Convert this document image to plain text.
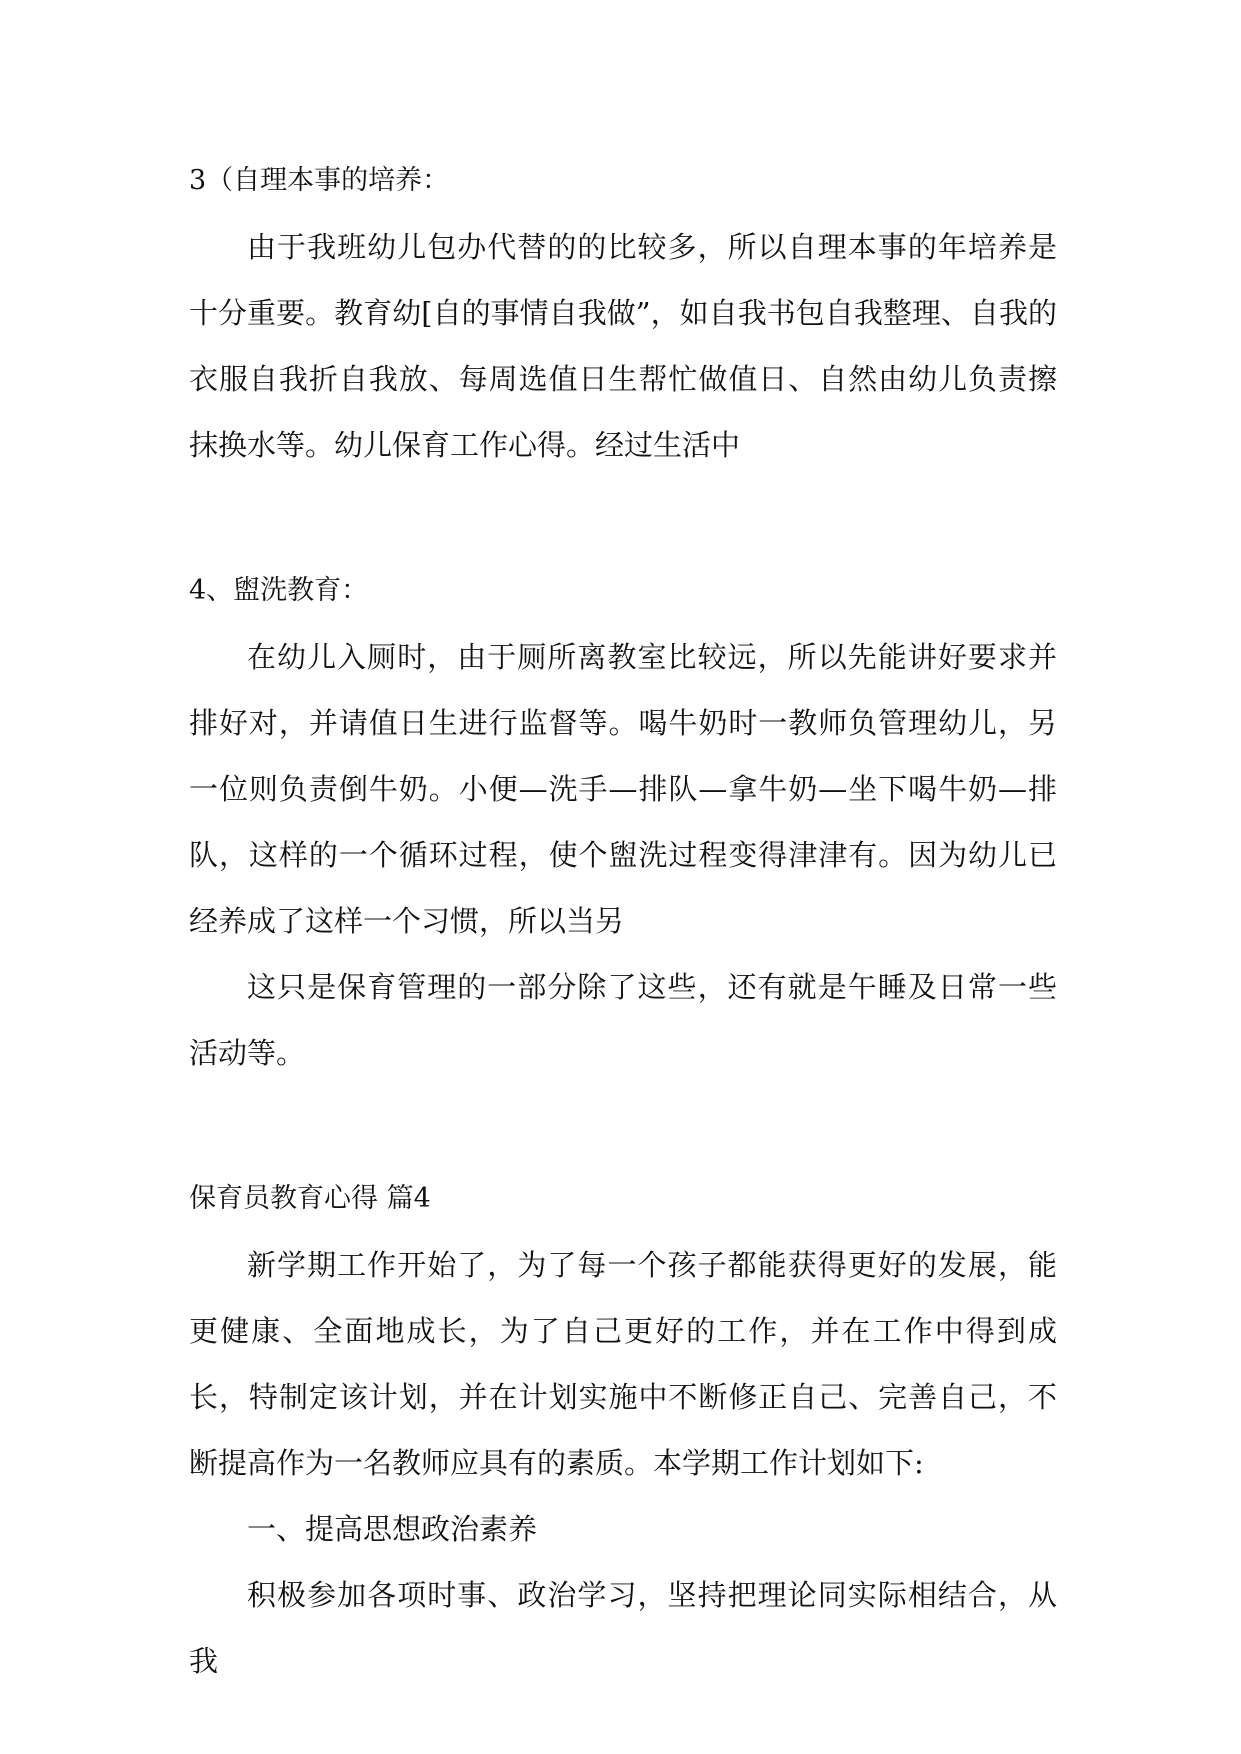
3（自理本事的培养：

由于我班幼儿包办代替的的比较多，所以自理本事的年培养是十分重要。教育幼[自的事情自我做”，如自我书包自我整理、自我的衣服自我折自我放、每周选值日生帮忙做值日、自然由幼儿负责擦抹换水等。幼儿保育工作心得。经过生活中

4、盥洗教育：

在幼儿入厕时，由于厕所离教室比较远，所以先能讲好要求并排好对，并请值日生进行监督等。喝牛奶时一教师负管理幼儿，另一位则负责倒牛奶。小便—洗手—排队—拿牛奶—坐下喝牛奶—排队，这样的一个循环过程，使个盥洗过程变得津津有。因为幼儿已经养成了这样一个习惯，所以当另

这只是保育管理的一部分除了这些，还有就是午睡及日常一些活动等。

保育员教育心得 篇4

新学期工作开始了，为了每一个孩子都能获得更好的发展，能更健康、全面地成长，为了自己更好的工作，并在工作中得到成长，特制定该计划，并在计划实施中不断修正自己、完善自己，不断提高作为一名教师应具有的素质。本学期工作计划如下:

一、提高思想政治素养

积极参加各项时事、政治学习，坚持把理论同实际相结合，从我
